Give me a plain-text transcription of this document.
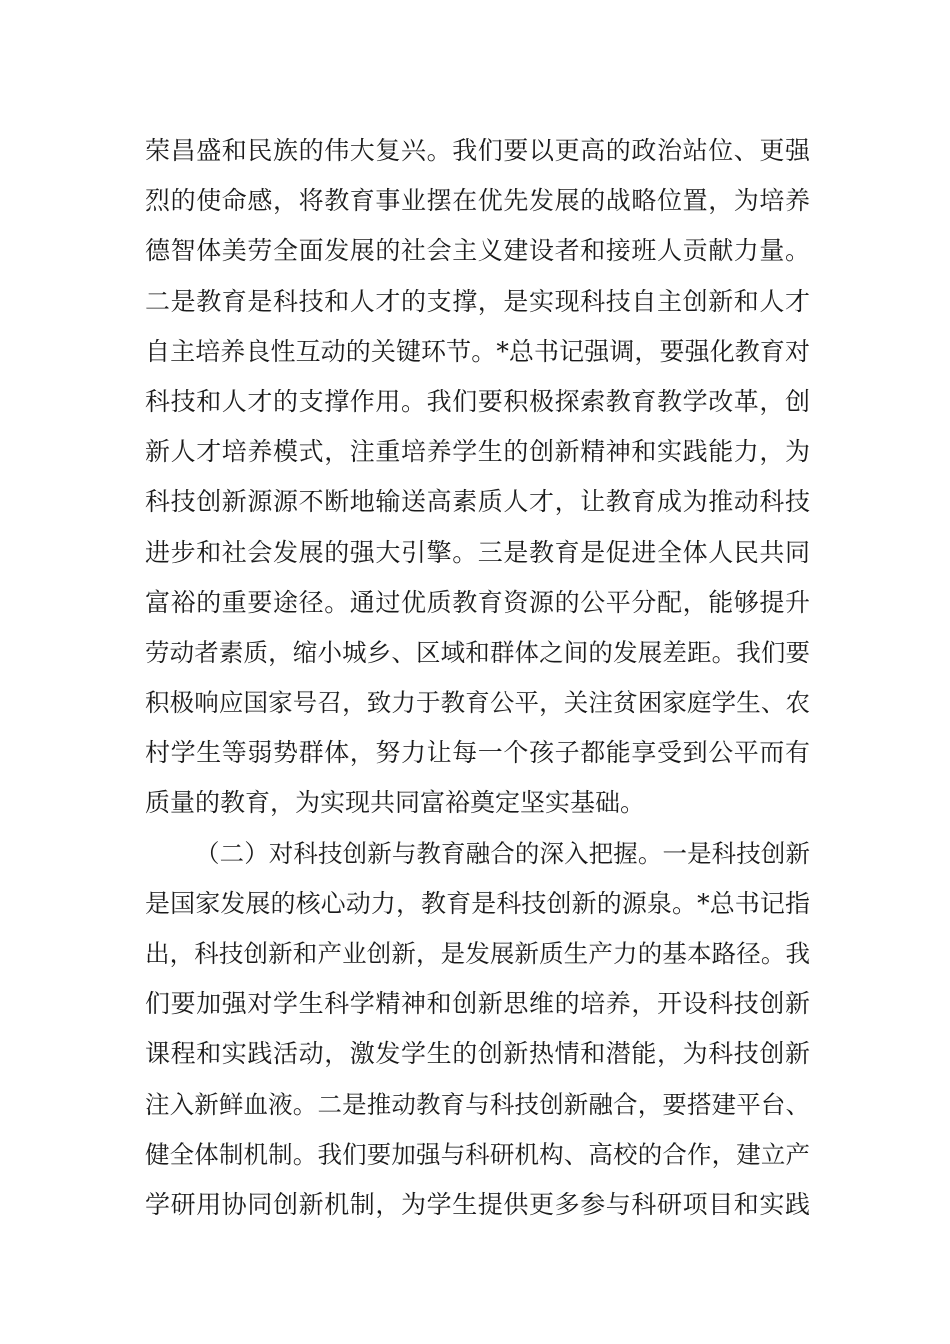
荣昌盛和民族的伟大复兴。我们要以更高的政治站位、更强
烈的使命感，将教育事业摆在优先发展的战略位置，为培养
德智体美劳全面发展的社会主义建设者和接班人贡献力量。
二是教育是科技和人才的支撑，是实现科技自主创新和人才
自主培养良性互动的关键环节。*总书记强调，要强化教育对
科技和人才的支撑作用。我们要积极探索教育教学改革，创
新人才培养模式，注重培养学生的创新精神和实践能力，为
科技创新源源不断地输送高素质人才，让教育成为推动科技
进步和社会发展的强大引擎。三是教育是促进全体人民共同
富裕的重要途径。通过优质教育资源的公平分配，能够提升
劳动者素质，缩小城乡、区域和群体之间的发展差距。我们要
积极响应国家号召，致力于教育公平，关注贫困家庭学生、农
村学生等弱势群体，努力让每一个孩子都能享受到公平而有
质量的教育，为实现共同富裕奠定坚实基础。
（二）对科技创新与教育融合的深入把握。一是科技创新
是国家发展的核心动力，教育是科技创新的源泉。*总书记指
出，科技创新和产业创新，是发展新质生产力的基本路径。我
们要加强对学生科学精神和创新思维的培养，开设科技创新
课程和实践活动，激发学生的创新热情和潜能，为科技创新
注入新鲜血液。二是推动教育与科技创新融合，要搭建平台、
健全体制机制。我们要加强与科研机构、高校的合作，建立产
学研用协同创新机制，为学生提供更多参与科研项目和实践
